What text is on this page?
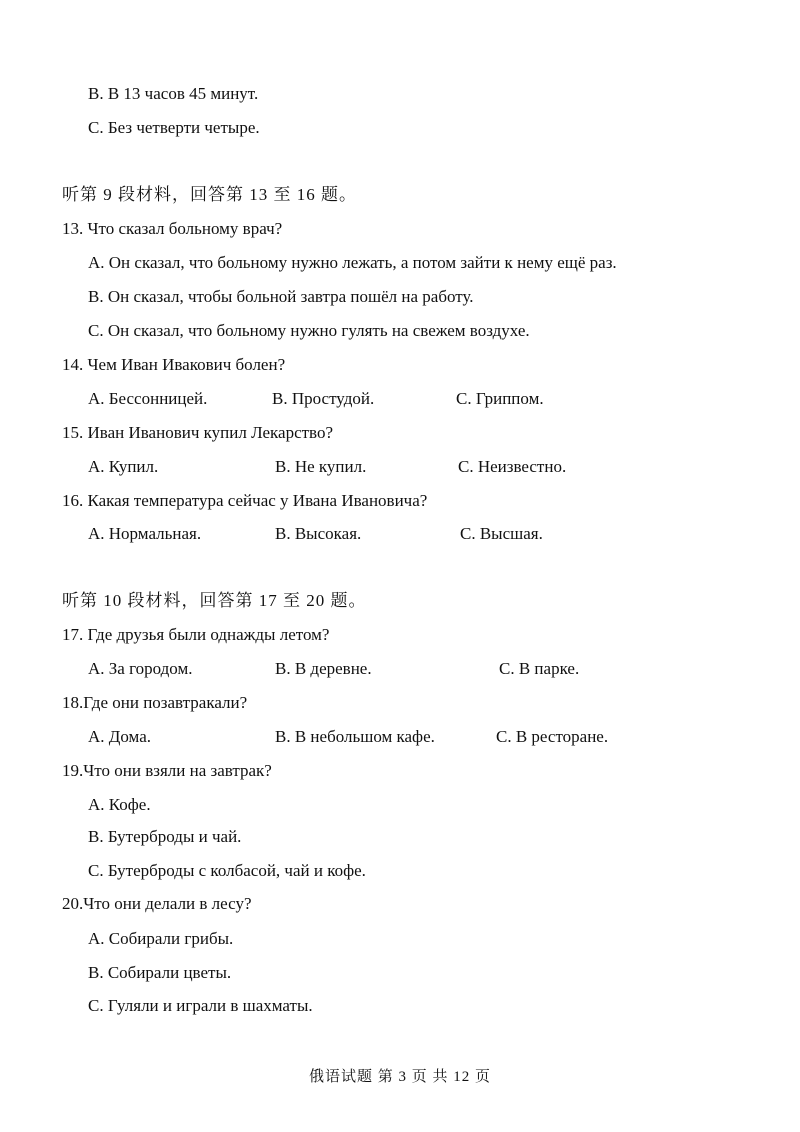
B. В 13 часов 45 минут.
C. Без четверти четыре.
听第 9 段材料，回答第 13 至 16 题。
13. Что сказал больному врач?
A. Он сказал, что больному нужно лежать, а потом зайти к нему ещё раз.
B. Он сказал, чтобы больной завтра пошёл на работу.
C. Он сказал, что больному нужно гулять на свежем воздухе.
14. Чем Иван Ивакович болен?
A. Бессонницей.	B. Простудой.	C. Гриппом.
15. Иван Иванович купил Лекарство?
A. Купил.	B. Не купил.	C. Неизвестно.
16. Какая температура сейчас у Ивана Ивановича?
A. Нормальная.	B. Высокая.	C. Высшая.
听第 10 段材料，回答第 17 至 20 题。
17. Где друзья были однажды летом?
A. За городом.	B. В деревне.	C. В парке.
18.Где они позавтракали?
A. Дома.	B. В небольшом кафе.	C. В ресторане.
19.Что они взяли на завтрак?
A. Кофе.
B. Бутерброды и чай.
C. Бутерброды с колбасой, чай и кофе.
20.Что они делали в лесу?
A. Собирали грибы.
B. Собирали цветы.
C. Гуляли и играли в шахматы.
俄语试题 第 3 页 共 12 页
